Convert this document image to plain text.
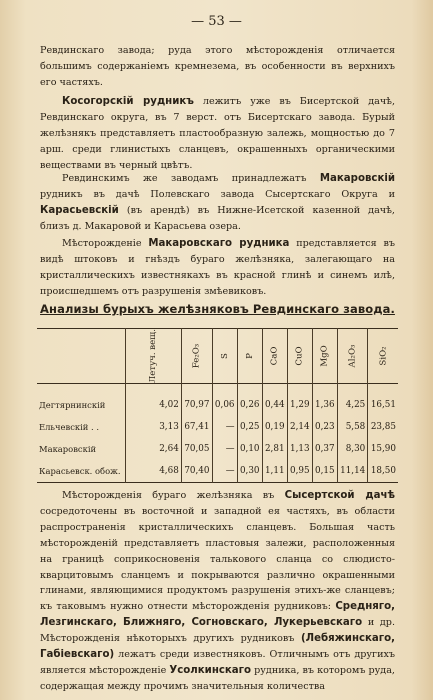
— 53 —
Ревдинскаго завода; руда этого мѣсторожденія отличается большимъ содержаніемъ кремнезема, въ особенности въ верхнихъ его частяхъ.
Косогорскій рудникъ лежитъ уже въ Бисертской дачѣ, Ревдинскаго округа, въ 7 верст. отъ Бисертскаго завода. Бурый желѣзнякъ представляетъ пластообразную залежь, мощностью до 7 арш. среди глинистыхъ сланцевъ, окрашенныхъ органическими веществами въ черный цвѣтъ.
Ревдинскимъ же заводамъ принадлежатъ Макаровскій рудникъ въ дачѣ Полевскаго завода Сысертскаго Округа и Карасьевскій (въ арендѣ) въ Нижне-Исетской казенной дачѣ, близъ д. Макаровой и Карасьева озера.
Мѣсторожденіе Макаровскаго рудника представляется въ видѣ штоковъ и гнѣздъ бураго желѣзняка, залегающаго на кристаллическихъ известнякахъ въ красной глинѣ и синемъ илѣ, происшедшемъ отъ разрушенія змѣевиковъ.
Анализы бурыхъ желѣзняковъ Ревдинскаго завода.
	Летуч. вещ.	Fe₂O₃	S	P	CaO	CuO	MgO	Al₂O₃	SiO₂
Дегтярнинскій	4,02	70,97	0,06	0,26	0,44	1,29	1,36	4,25	16,51
Ельчевскій . .	3,13	67,41	—	0,25	0,19	2,14	0,23	5,58	23,85
Макаровскій	2,64	70,05	—	0,10	2,81	1,13	0,37	8,30	15,90
Карасьевск. обож.	4,68	70,40	—	0,30	1,11	0,95	0,15	11,14	18,50
Мѣсторожденія бураго желѣзняка въ Сысертской дачѣ сосредоточены въ восточной и западной ея частяхъ, въ области распространенія кристаллическихъ сланцевъ. Большая часть мѣсторожденій представляетъ пластовыя залежи, расположенныя на границѣ соприкосновенія талькового сланца со слюдисто-кварцитовымъ сланцемъ и покрываются различно окрашенными глинами, являющимися продуктомъ разрушенія этихъ-же сланцевъ; къ таковымъ нужно отнести мѣсторожденія рудниковъ: Средняго, Лезгинскаго, Ближняго, Согновскаго, Лукерьевскаго и др. Мѣсторожденія нѣкоторыхъ другихъ рудниковъ (Лебяжинскаго, Габіевскаго) лежатъ среди известняковъ. Отличнымъ отъ другихъ является мѣсторожденіе Усолкинскаго рудника, въ которомъ руда, содержащая между прочимъ значительныя количества
